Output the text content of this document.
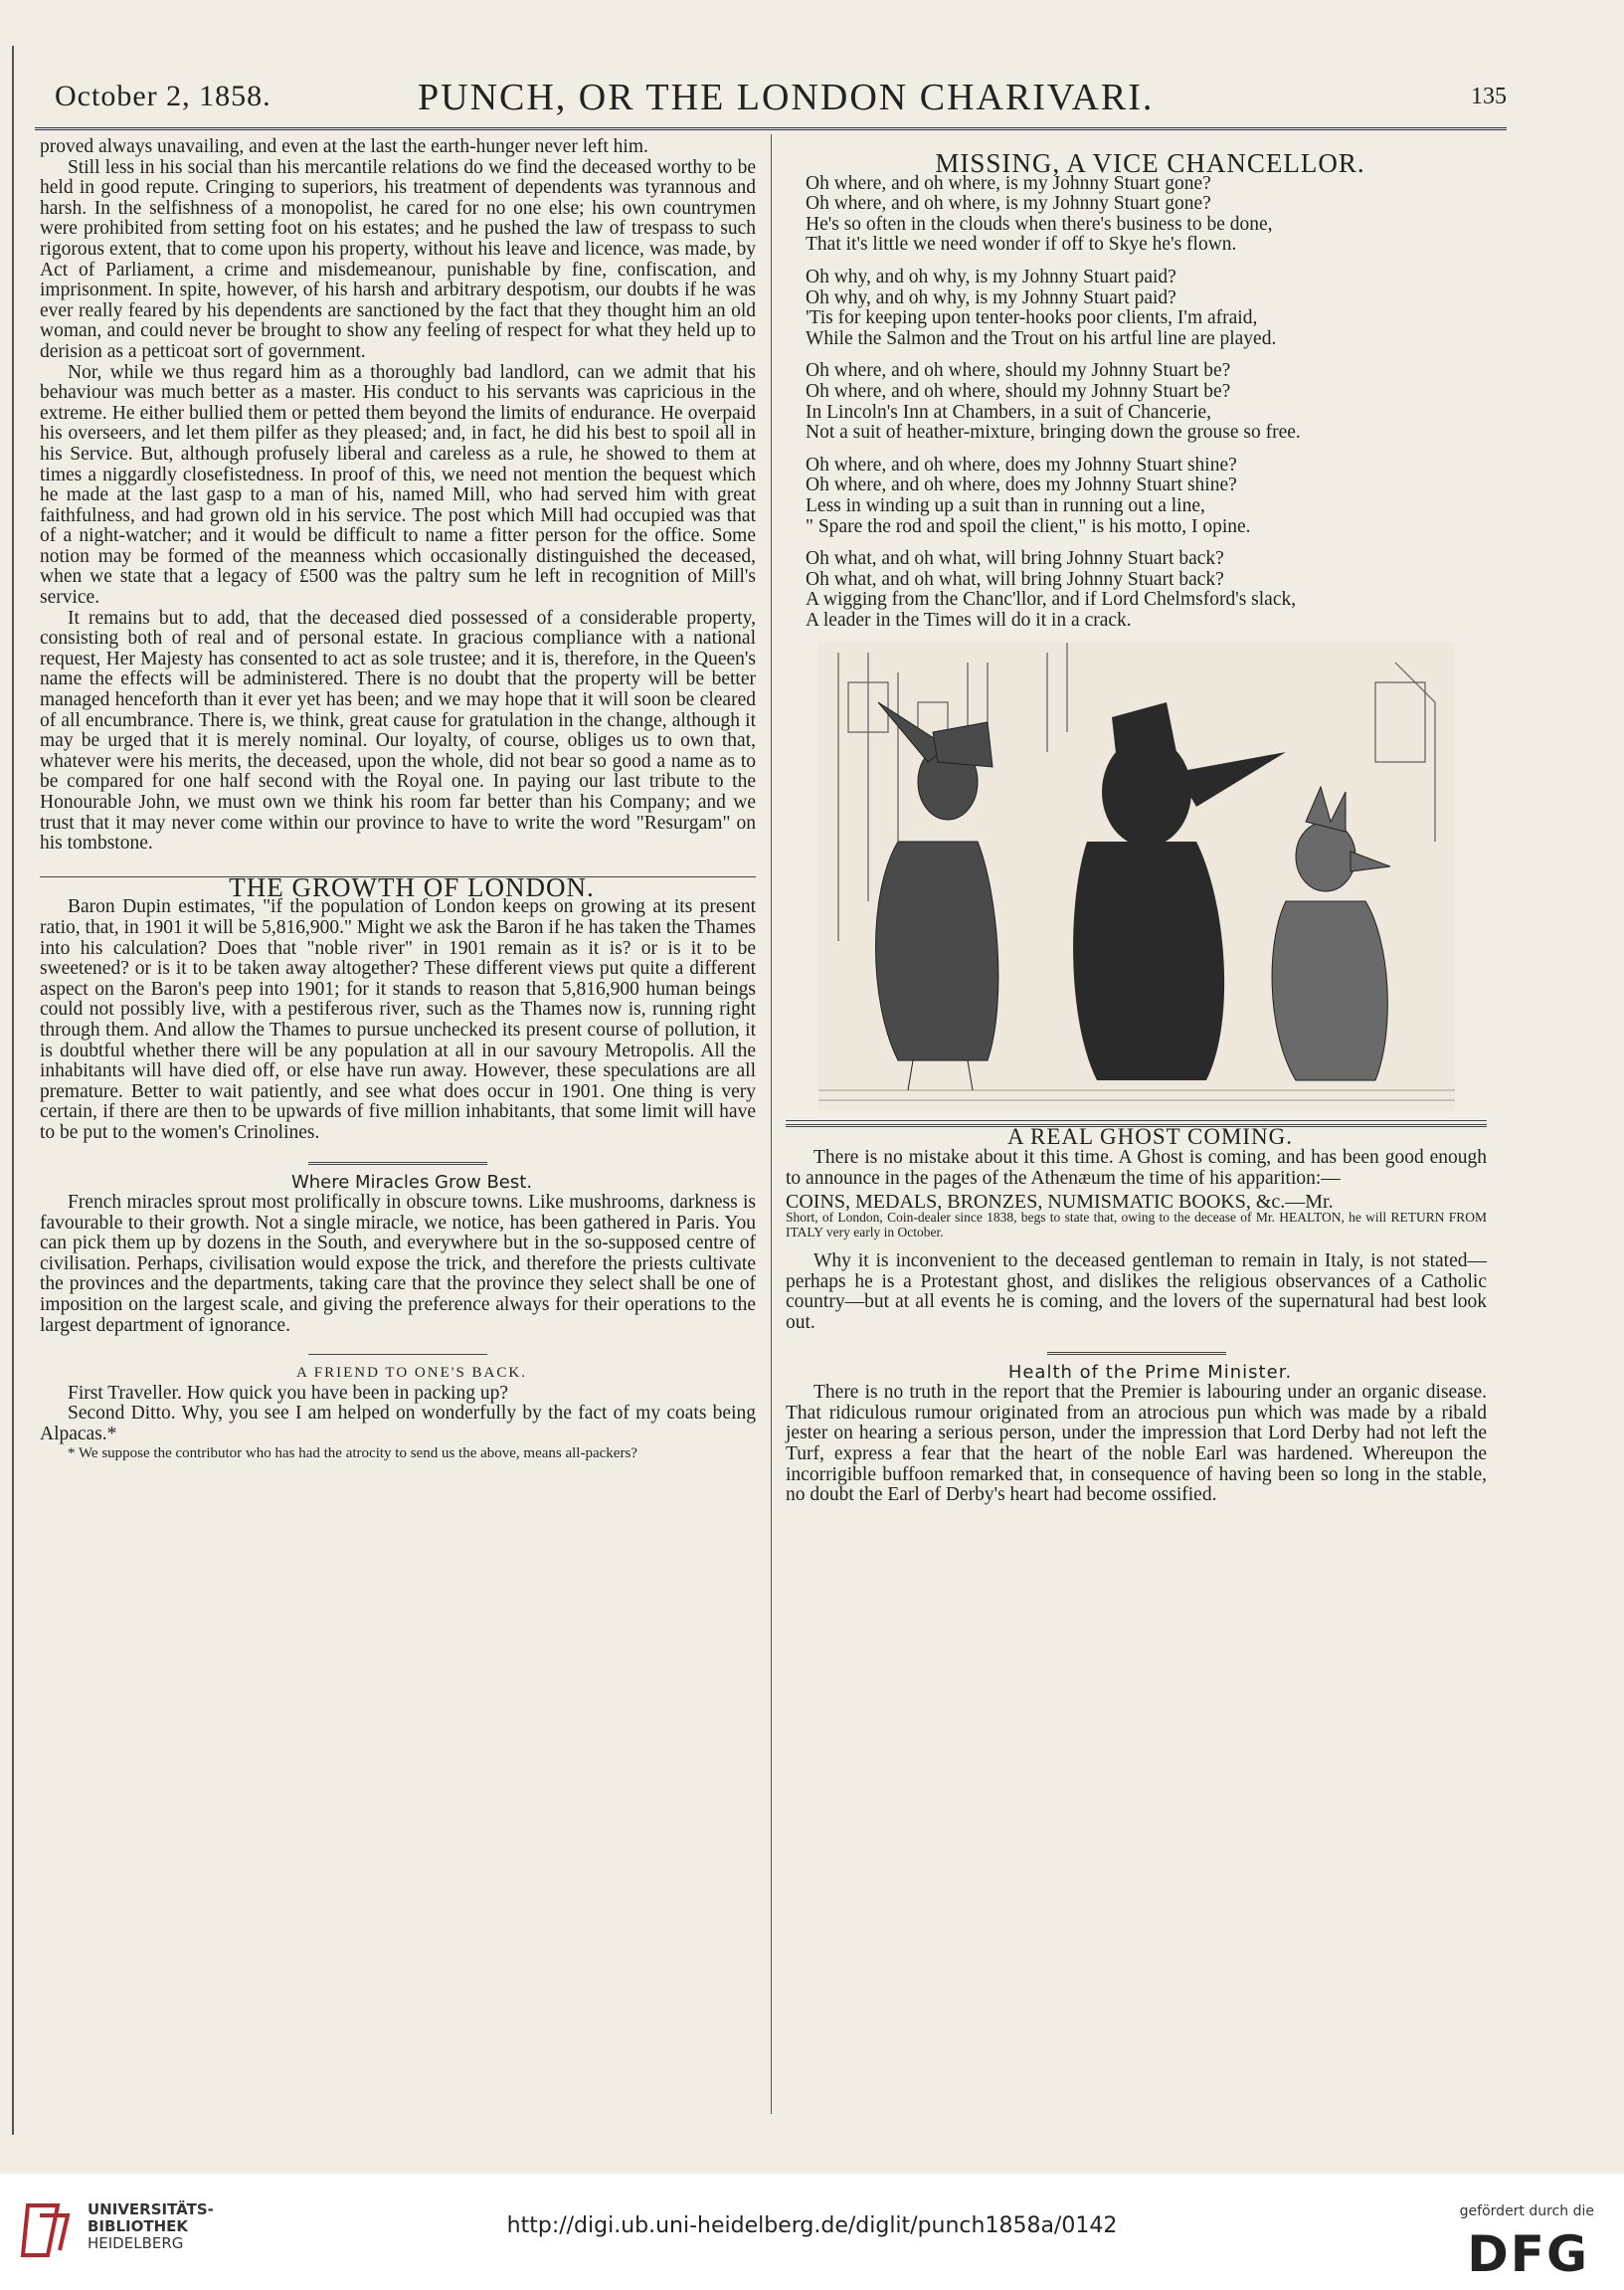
October 2, 1858.	PUNCH, OR THE LONDON CHARIVARI.	135

proved always unavailing, and even at the last the earth-hunger never left him.

Still less in his social than his mercantile relations do we find the deceased worthy to be held in good repute. Cringing to superiors, his treatment of dependents was tyrannous and harsh. In the selfishness of a monopolist, he cared for no one else; his own countrymen were prohibited from setting foot on his estates; and he pushed the law of trespass to such rigorous extent, that to come upon his property, without his leave and licence, was made, by Act of Parliament, a crime and misdemeanour, punishable by fine, confiscation, and imprisonment. In spite, however, of his harsh and arbitrary despotism, our doubts if he was ever really feared by his dependents are sanctioned by the fact that they thought him an old woman, and could never be brought to show any feeling of respect for what they held up to derision as a petticoat sort of government.

Nor, while we thus regard him as a thoroughly bad landlord, can we admit that his behaviour was much better as a master. His conduct to his servants was capricious in the extreme. He either bullied them or petted them beyond the limits of endurance. He overpaid his overseers, and let them pilfer as they pleased; and, in fact, he did his best to spoil all in his Service. But, although profusely liberal and careless as a rule, he showed to them at times a niggardly closefistedness. In proof of this, we need not mention the bequest which he made at the last gasp to a man of his, named Mill, who had served him with great faithfulness, and had grown old in his service. The post which Mill had occupied was that of a night-watcher; and it would be difficult to name a fitter person for the office. Some notion may be formed of the meanness which occasionally distinguished the deceased, when we state that a legacy of £500 was the paltry sum he left in recognition of Mill's service.

It remains but to add, that the deceased died possessed of a considerable property, consisting both of real and of personal estate. In gracious compliance with a national request, Her Majesty has consented to act as sole trustee; and it is, therefore, in the Queen's name the effects will be administered. There is no doubt that the property will be better managed henceforth than it ever yet has been; and we may hope that it will soon be cleared of all encumbrance. There is, we think, great cause for gratulation in the change, although it may be urged that it is merely nominal. Our loyalty, of course, obliges us to own that, whatever were his merits, the deceased, upon the whole, did not bear so good a name as to be compared for one half second with the Royal one. In paying our last tribute to the Honourable John, we must own we think his room far better than his Company; and we trust that it may never come within our province to have to write the word "Resurgam" on his tombstone.

THE GROWTH OF LONDON.

Baron Dupin estimates, "if the population of London keeps on growing at its present ratio, that, in 1901 it will be 5,816,900." Might we ask the Baron if he has taken the Thames into his calculation? Does that "noble river" in 1901 remain as it is? or is it to be sweetened? or is it to be taken away altogether? These different views put quite a different aspect on the Baron's peep into 1901; for it stands to reason that 5,816,900 human beings could not possibly live, with a pestiferous river, such as the Thames now is, running right through them. And allow the Thames to pursue unchecked its present course of pollution, it is doubtful whether there will be any population at all in our savoury Metropolis. All the inhabitants will have died off, or else have run away. However, these speculations are all premature. Better to wait patiently, and see what does occur in 1901. One thing is very certain, if there are then to be upwards of five million inhabitants, that some limit will have to be put to the women's Crinolines.

Where Miracles Grow Best.

French miracles sprout most prolifically in obscure towns. Like mushrooms, darkness is favourable to their growth. Not a single miracle, we notice, has been gathered in Paris. You can pick them up by dozens in the South, and everywhere but in the so-supposed centre of civilisation. Perhaps, civilisation would expose the trick, and therefore the priests cultivate the provinces and the departments, taking care that the province they select shall be one of imposition on the largest scale, and giving the preference always for their operations to the largest department of ignorance.

A FRIEND TO ONE'S BACK.

First Traveller. How quick you have been in packing up?

Second Ditto. Why, you see I am helped on wonderfully by the fact of my coats being Alpacas.*

* We suppose the contributor who has had the atrocity to send us the above, means all-packers?

MISSING, A VICE CHANCELLOR.

Oh where, and oh where, is my Johnny Stuart gone?
Oh where, and oh where, is my Johnny Stuart gone?
He's so often in the clouds when there's business to be done,
That it's little we need wonder if off to Skye he's flown.
Oh why, and oh why, is my Johnny Stuart paid?
Oh why, and oh why, is my Johnny Stuart paid?
'Tis for keeping upon tenter-hooks poor clients, I'm afraid,
While the Salmon and the Trout on his artful line are played.
Oh where, and oh where, should my Johnny Stuart be?
Oh where, and oh where, should my Johnny Stuart be?
In Lincoln's Inn at Chambers, in a suit of Chancerie,
Not a suit of heather-mixture, bringing down the grouse so free.
Oh where, and oh where, does my Johnny Stuart shine?
Oh where, and oh where, does my Johnny Stuart shine?
Less in winding up a suit than in running out a line,
" Spare the rod and spoil the client," is his motto, I opine.
Oh what, and oh what, will bring Johnny Stuart back?
Oh what, and oh what, will bring Johnny Stuart back?
A wigging from the Chanc'llor, and if Lord Chelmsford's slack,
A leader in the Times will do it in a crack.

A REAL GHOST COMING.

There is no mistake about it this time. A Ghost is coming, and has been good enough to announce in the pages of the Athenæum the time of his apparition:—

COINS, MEDALS, BRONZES, NUMISMATIC BOOKS, &c.—Mr.
Short, of London, Coin-dealer since 1838, begs to state that, owing to the decease of Mr. HEALTON, he will RETURN FROM ITALY very early in October.

Why it is inconvenient to the deceased gentleman to remain in Italy, is not stated—perhaps he is a Protestant ghost, and dislikes the religious observances of a Catholic country—but at all events he is coming, and the lovers of the supernatural had best look out.

Health of the Prime Minister.

There is no truth in the report that the Premier is labouring under an organic disease. That ridiculous rumour originated from an atrocious pun which was made by a ribald jester on hearing a serious person, under the impression that Lord Derby had not left the Turf, express a fear that the heart of the noble Earl was hardened. Whereupon the incorrigible buffoon remarked that, in consequence of having been so long in the stable, no doubt the Earl of Derby's heart had become ossified.

UNIVERSITÄTS-
BIBLIOTHEK
HEIDELBERG
http://digi.ub.uni-heidelberg.de/diglit/punch1858a/0142
gefördert durch die
DFG
